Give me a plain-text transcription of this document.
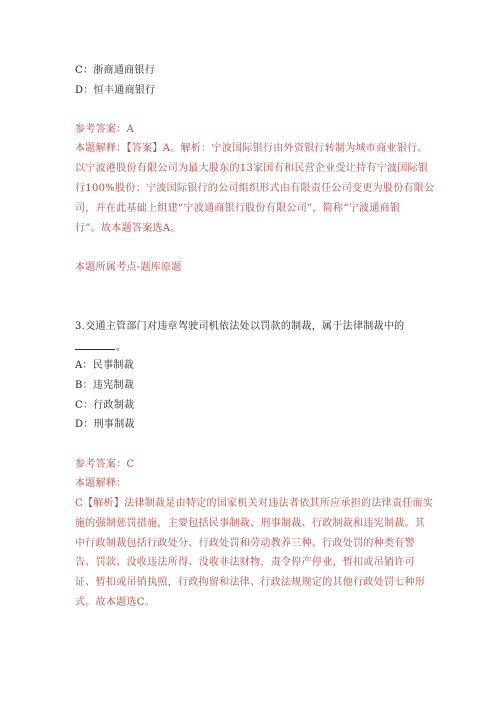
C：浙商通商银行
D：恒丰通商银行
参考答案：A
本题解释：【答案】A。解析：宁波国际银行由外资银行转制为城市商业银行。
以宁波港股份有限公司为最大股东的13家国有和民营企业受让持有宁波国际银
行100%股份；宁波国际银行的公司组织形式由有限责任公司变更为股份有限公
司，并在此基础上组建“宁波通商银行股份有限公司”，简称“宁波通商银
行”。故本题答案选A。
本题所属考点-题库原题
3.交通主管部门对违章驾驶司机依法处以罚款的制裁，属于法律制裁中的
。
A：民事制裁
B：违宪制裁
C：行政制裁
D：刑事制裁
参考答案：C
本题解释：
C【解析】法律制裁是由特定的国家机关对违法者依其所应承担的法律责任而实
施的强制惩罚措施，主要包括民事制裁、刑事制裁、行政制裁和违宪制裁。其
中行政制裁包括行政处分、行政处罚和劳动教养三种。行政处罚的种类有警
告、罚款、没收违法所得、没收非法财物，责令停产停业，暂扣或吊销许可
证、暂扣或吊销执照，行政拘留和法律、行政法规规定的其他行政处罚七种形
式。故本题选C。
